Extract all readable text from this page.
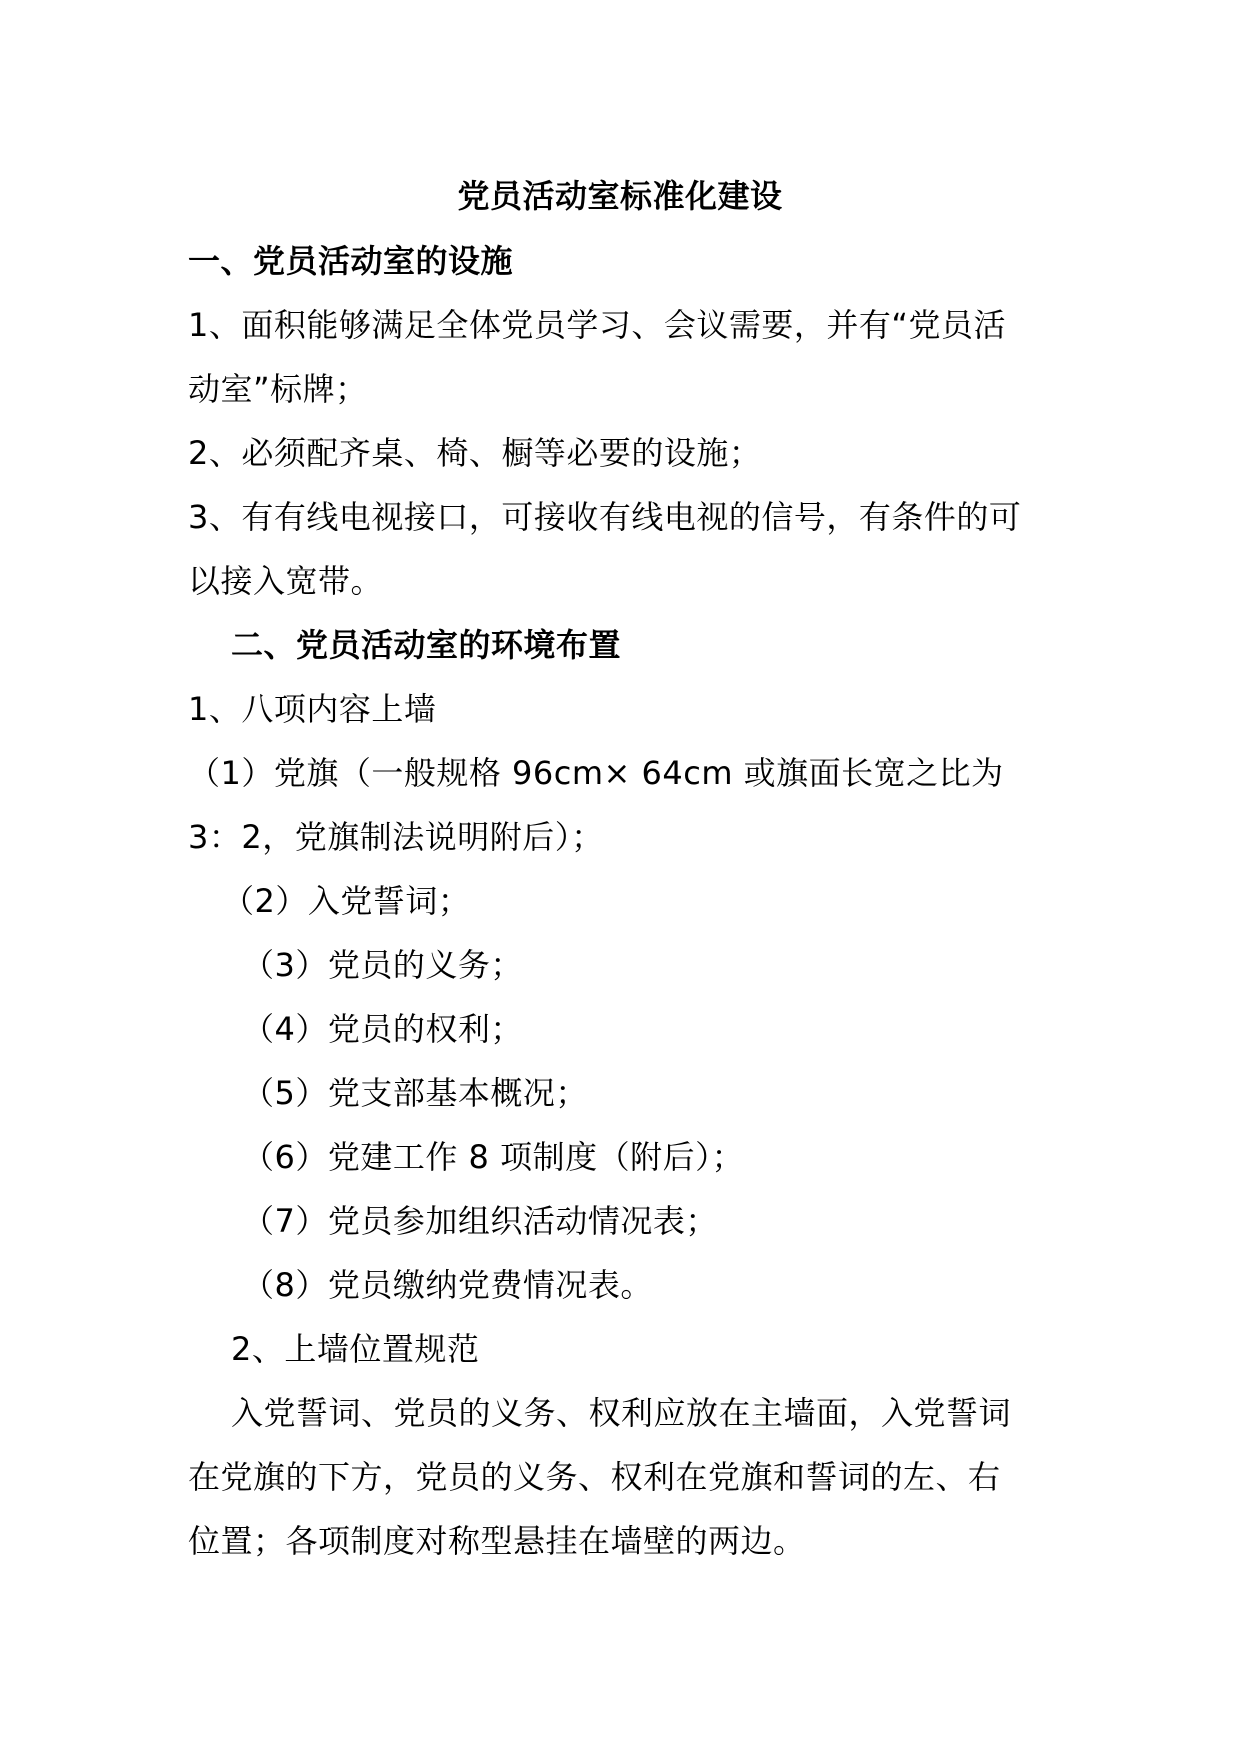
党员活动室标准化建设
一、党员活动室的设施
1、面积能够满足全体党员学习、会议需要，并有“党员活
动室”标牌；
2、必须配齐桌、椅、橱等必要的设施；
3、有有线电视接口，可接收有线电视的信号，有条件的可
以接入宽带。
二、党员活动室的环境布置
1、八项内容上墙
（1）党旗（一般规格 96cm× 64cm 或旗面长宽之比为
3：2，党旗制法说明附后）；
（2）入党誓词；
（3）党员的义务；
（4）党员的权利；
（5）党支部基本概况；
（6）党建工作 8 项制度（附后）；
（7）党员参加组织活动情况表；
（8）党员缴纳党费情况表。
2、上墙位置规范
入党誓词、党员的义务、权利应放在主墙面，入党誓词
在党旗的下方，党员的义务、权利在党旗和誓词的左、右
位置；各项制度对称型悬挂在墙壁的两边。
